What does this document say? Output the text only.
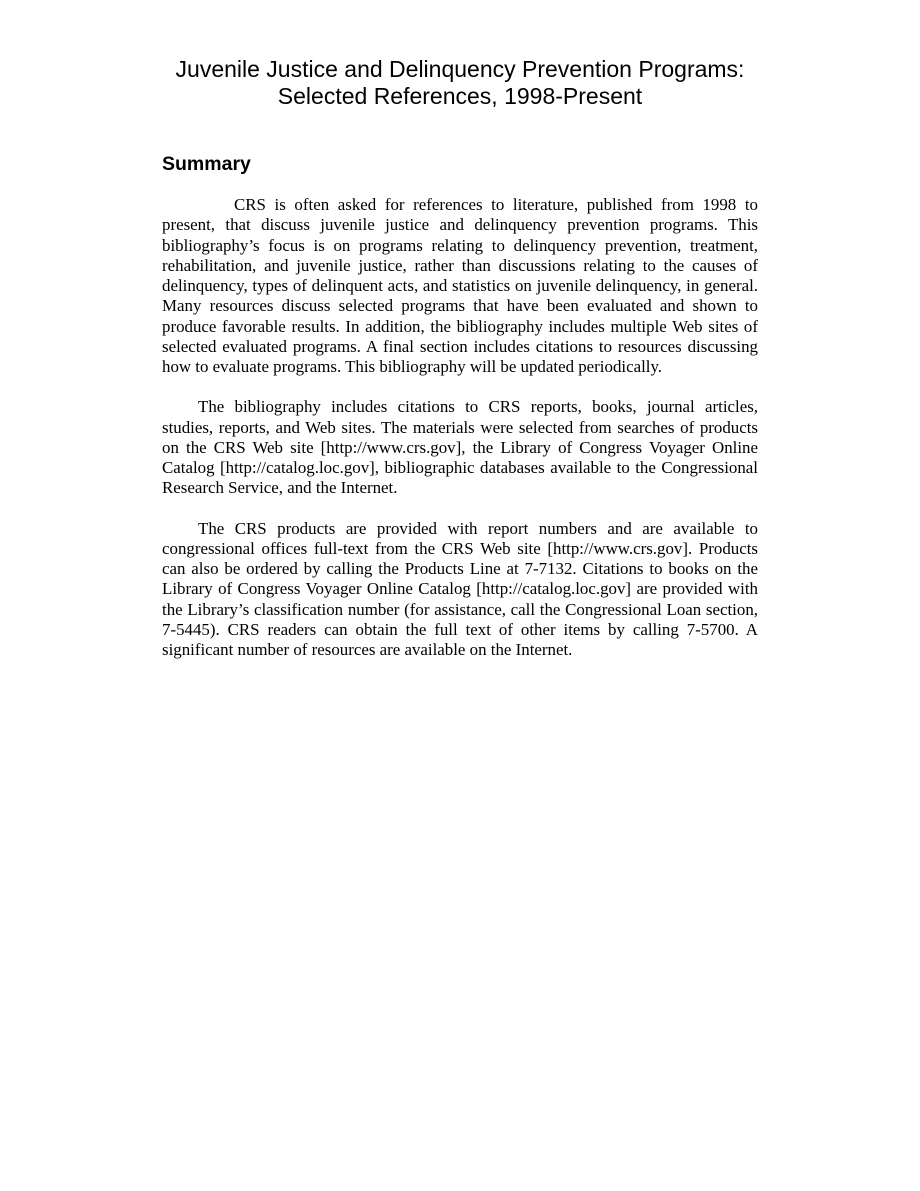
Juvenile Justice and Delinquency Prevention Programs:
Selected References, 1998-Present
Summary

CRS is often asked for references to literature, published from 1998 to present, that discuss juvenile justice and delinquency prevention programs. This bibliography’s focus is on programs relating to delinquency prevention, treatment, rehabilitation, and juvenile justice, rather than discussions relating to the causes of delinquency, types of delinquent acts, and statistics on juvenile delinquency, in general. Many resources discuss selected programs that have been evaluated and shown to produce favorable results. In addition, the bibliography includes multiple Web sites of selected evaluated programs. A final section includes citations to resources discussing how to evaluate programs. This bibliography will be updated periodically.

The bibliography includes citations to CRS reports, books, journal articles, studies, reports, and Web sites. The materials were selected from searches of products on the CRS Web site [http://www.crs.gov], the Library of Congress Voyager Online Catalog [http://catalog.loc.gov], bibliographic databases available to the Congressional Research Service, and the Internet.

The CRS products are provided with report numbers and are available to congressional offices full-text from the CRS Web site [http://www.crs.gov]. Products can also be ordered by calling the Products Line at 7-7132. Citations to books on the Library of Congress Voyager Online Catalog [http://catalog.loc.gov] are provided with the Library’s classification number (for assistance, call the Congressional Loan section, 7-5445). CRS readers can obtain the full text of other items by calling 7-5700. A significant number of resources are available on the Internet.
